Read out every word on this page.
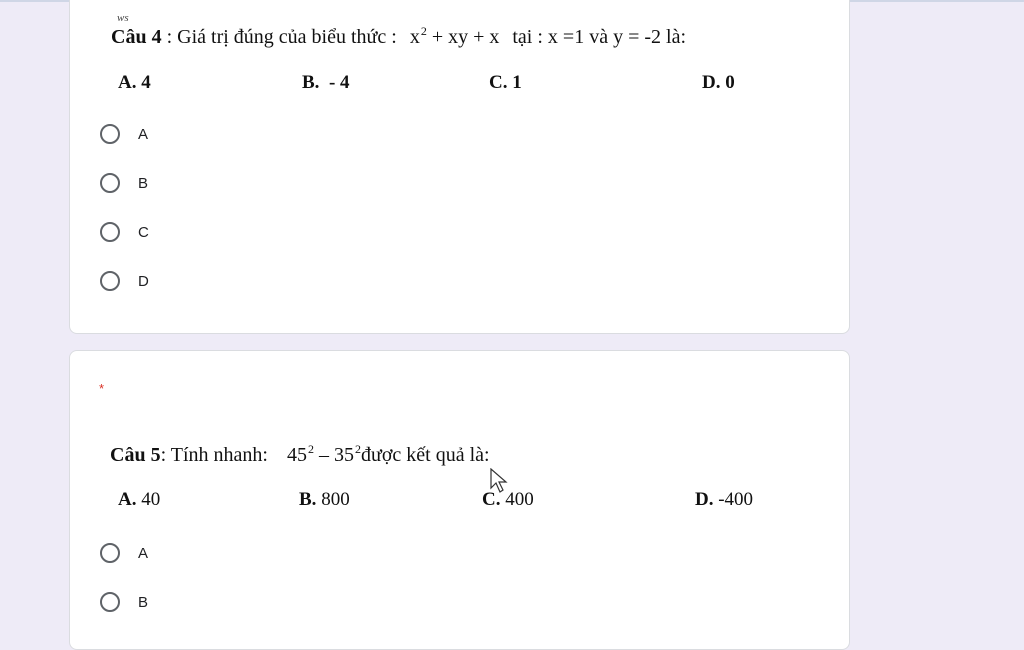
ws
Câu 4 : Giá trị đúng của biểu thức : $x^2$ + xy + x tại : x =1 và y = -2 là:
A. 4	B. - 4	C. 1	D. 0
A
B
C
D
*
Câu 5: Tính nhanh: $45^2$ – $35^2được$ kết quả là:
A. 40	B. 800	C. 400	D. -400
A
B
